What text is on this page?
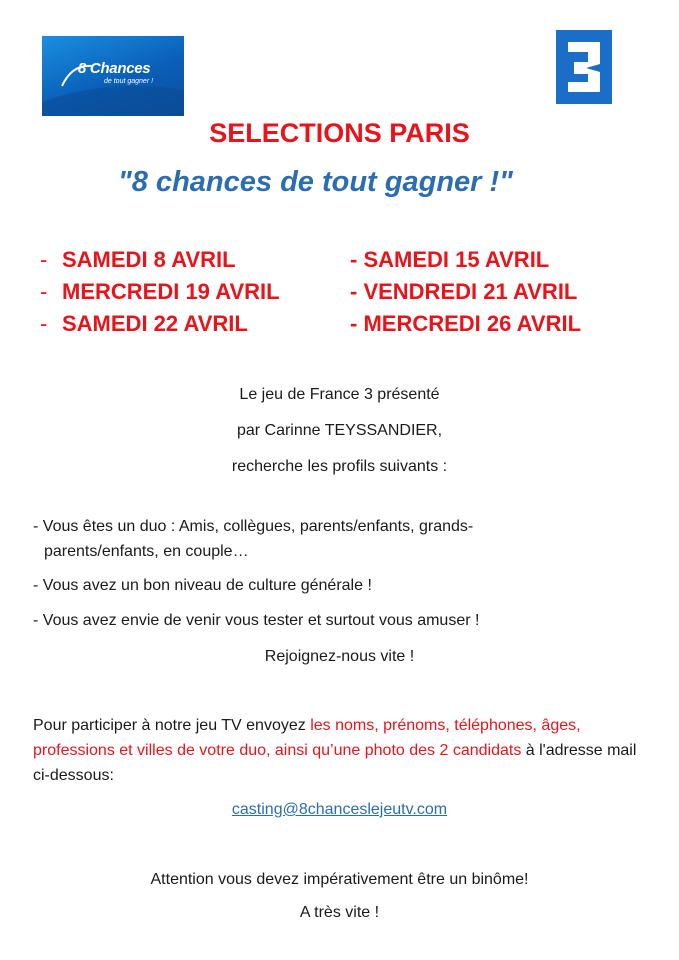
8 Chances
de tout gagner !
SELECTIONS PARIS
"8 chances de tout gagner !"
- SAMEDI 8 AVRIL	- SAMEDI 15 AVRIL
- MERCREDI 19 AVRIL	- VENDREDI 21 AVRIL
- SAMEDI 22 AVRIL	- MERCREDI 26 AVRIL
Le jeu de France 3 présenté
par Carinne TEYSSANDIER,
recherche les profils suivants :
- Vous êtes un duo : Amis, collègues, parents/enfants, grands-
parents/enfants, en couple…
- Vous avez un bon niveau de culture générale !
- Vous avez envie de venir vous tester et surtout vous amuser !
Rejoignez-nous vite !
Pour participer à notre jeu TV envoyez les noms, prénoms, téléphones, âges, professions et villes de votre duo, ainsi qu’une photo des 2 candidats à l'adresse mail ci-dessous:
casting@8chanceslejeutv.com
Attention vous devez impérativement être un binôme!
A très vite !
